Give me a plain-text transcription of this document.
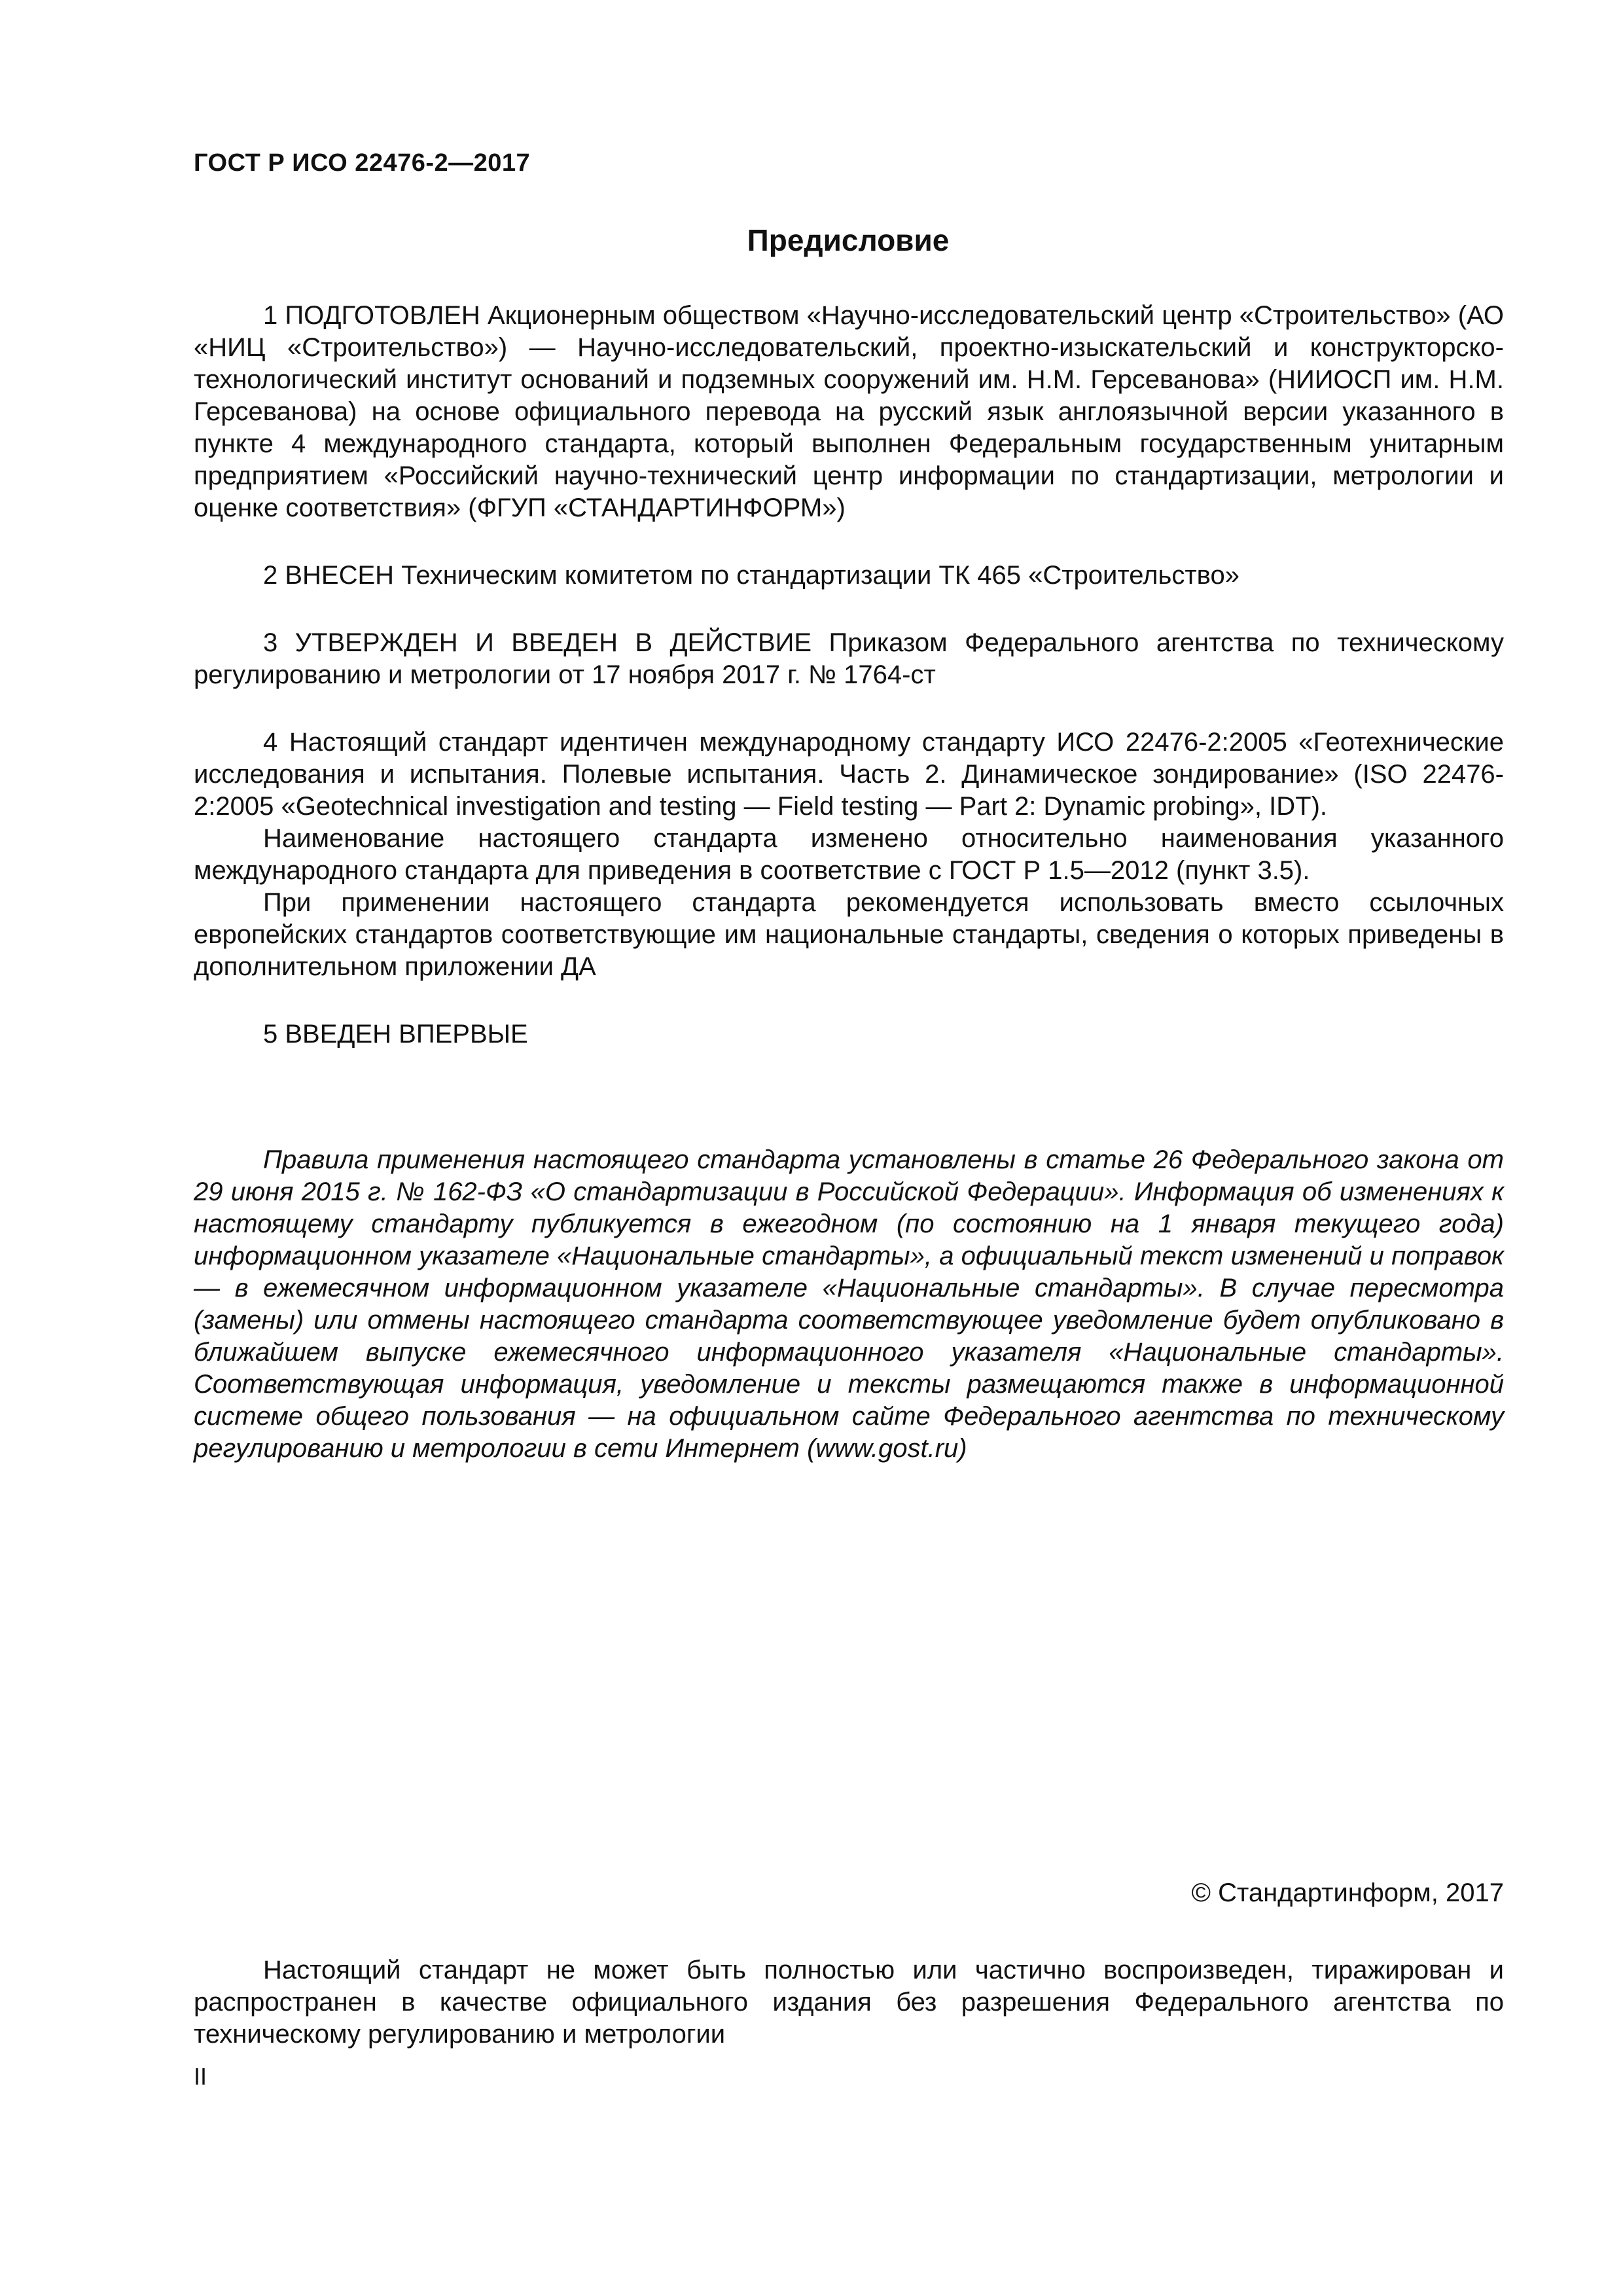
ГОСТ Р ИСО 22476-2—2017
Предисловие

1 ПОДГОТОВЛЕН Акционерным обществом «Научно-исследовательский центр «Строительство» (АО «НИЦ «Строительство») — Научно-исследовательский, проектно-изыскательский и конструкторско-технологический институт оснований и подземных сооружений им. Н.М. Герсеванова» (НИИОСП им. Н.М. Герсеванова) на основе официального перевода на русский язык англоязычной версии указанного в пункте 4 международного стандарта, который выполнен Федеральным государственным унитарным предприятием «Российский научно-технический центр информации по стандартизации, метрологии и оценке соответствия» (ФГУП «СТАНДАРТИНФОРМ»)

2 ВНЕСЕН Техническим комитетом по стандартизации ТК 465 «Строительство»

3 УТВЕРЖДЕН И ВВЕДЕН В ДЕЙСТВИЕ Приказом Федерального агентства по техническому регулированию и метрологии от 17 ноября 2017 г. № 1764-ст

4 Настоящий стандарт идентичен международному стандарту ИСО 22476-2:2005 «Геотехнические исследования и испытания. Полевые испытания. Часть 2. Динамическое зондирование» (ISO 22476-2:2005 «Geotechnical investigation and testing — Field testing — Part 2: Dynamic probing», IDT).

Наименование настоящего стандарта изменено относительно наименования указанного международного стандарта для приведения в соответствие с ГОСТ Р 1.5—2012 (пункт 3.5).

При применении настоящего стандарта рекомендуется использовать вместо ссылочных европейских стандартов соответствующие им национальные стандарты, сведения о которых приведены в дополнительном приложении ДА

5 ВВЕДЕН ВПЕРВЫЕ

Правила применения настоящего стандарта установлены в статье 26 Федерального закона от 29 июня 2015 г. № 162-ФЗ «О стандартизации в Российской Федерации». Информация об изменениях к настоящему стандарту публикуется в ежегодном (по состоянию на 1 января текущего года) информационном указателе «Национальные стандарты», а официальный текст изменений и поправок — в ежемесячном информационном указателе «Национальные стандарты». В случае пересмотра (замены) или отмены настоящего стандарта соответствующее уведомление будет опубликовано в ближайшем выпуске ежемесячного информационного указателя «Национальные стандарты». Соответствующая информация, уведомление и тексты размещаются также в информационной системе общего пользования — на официальном сайте Федерального агентства по техническому регулированию и метрологии в сети Интернет (www.gost.ru)

© Стандартинформ, 2017

Настоящий стандарт не может быть полностью или частично воспроизведен, тиражирован и распространен в качестве официального издания без разрешения Федерального агентства по техническому регулированию и метрологии

II
